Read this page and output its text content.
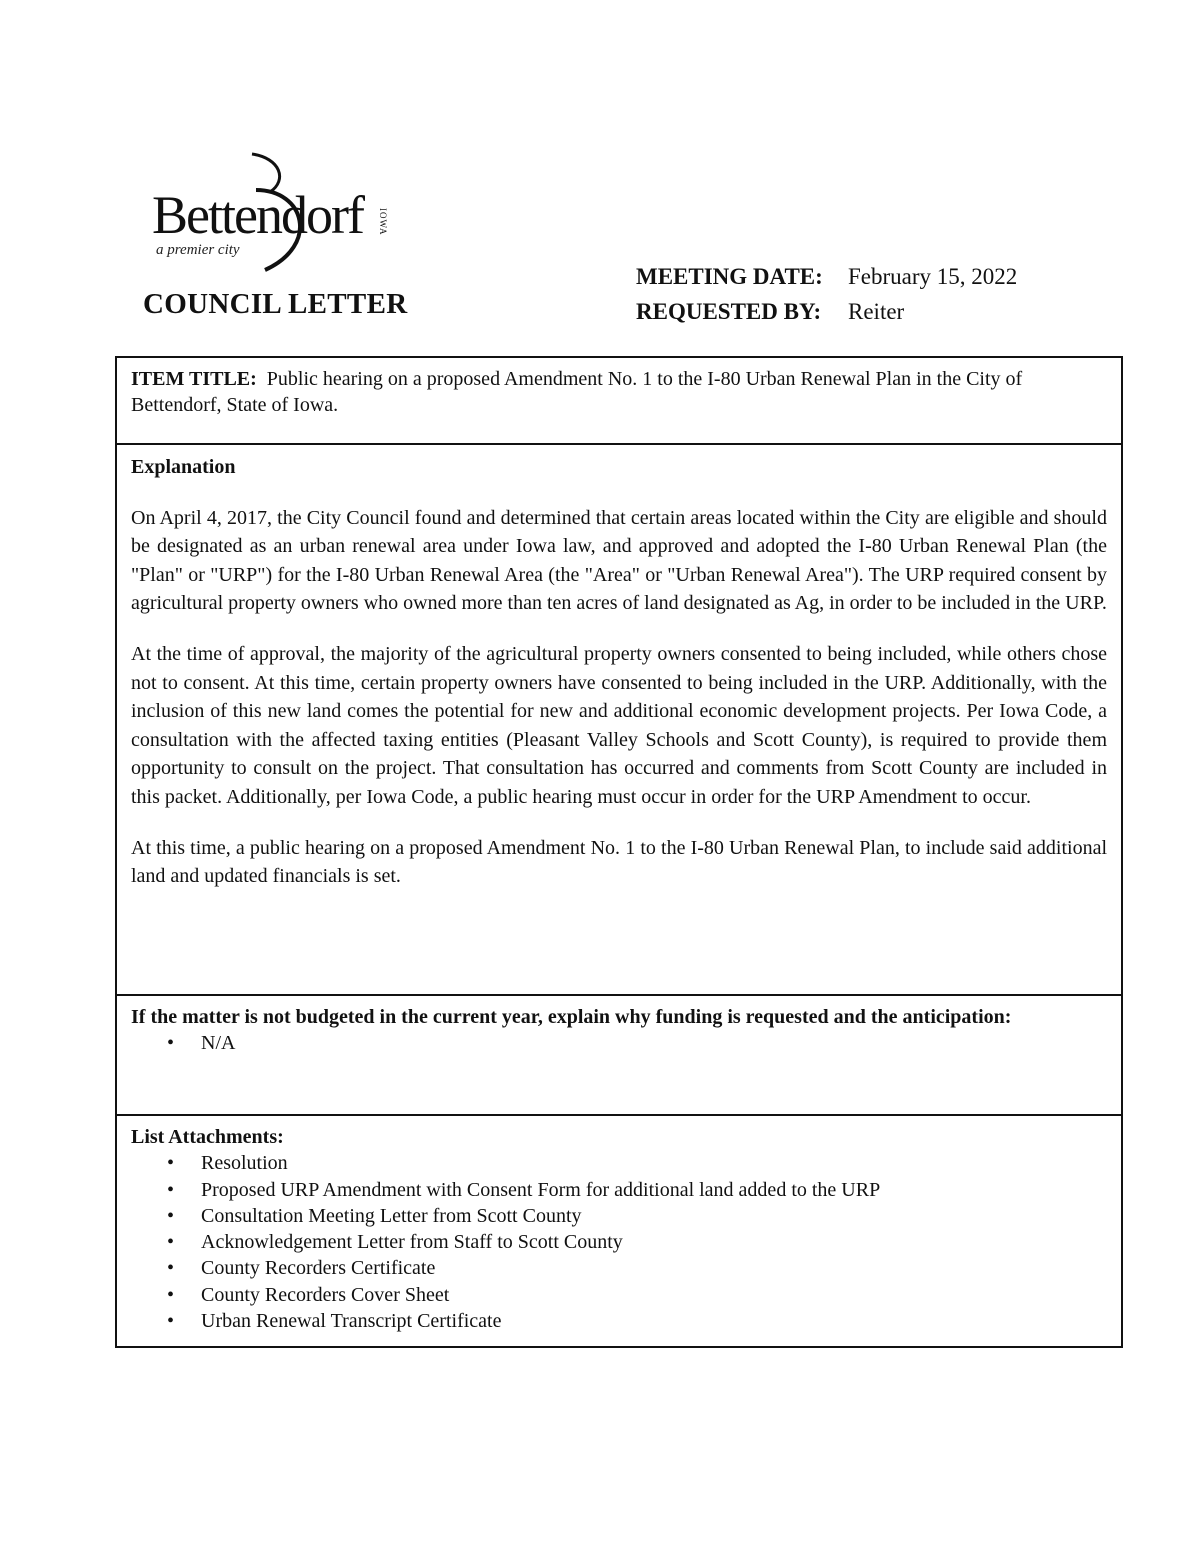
Bettendorf IOWA
a premier city
COUNCIL LETTER
MEETING DATE: February 15, 2022
REQUESTED BY: Reiter
ITEM TITLE: Public hearing on a proposed Amendment No. 1 to the I-80 Urban Renewal Plan in the City of Bettendorf, State of Iowa.
Explanation

On April 4, 2017, the City Council found and determined that certain areas located within the City are eligible and should be designated as an urban renewal area under Iowa law, and approved and adopted the I-80 Urban Renewal Plan (the "Plan" or "URP") for the I-80 Urban Renewal Area (the "Area" or "Urban Renewal Area"). The URP required consent by agricultural property owners who owned more than ten acres of land designated as Ag, in order to be included in the URP.

At the time of approval, the majority of the agricultural property owners consented to being included, while others chose not to consent. At this time, certain property owners have consented to being included in the URP. Additionally, with the inclusion of this new land comes the potential for new and additional economic development projects. Per Iowa Code, a consultation with the affected taxing entities (Pleasant Valley Schools and Scott County), is required to provide them opportunity to consult on the project. That consultation has occurred and comments from Scott County are included in this packet. Additionally, per Iowa Code, a public hearing must occur in order for the URP Amendment to occur.

At this time, a public hearing on a proposed Amendment No. 1 to the I-80 Urban Renewal Plan, to include said additional land and updated financials is set.

If the matter is not budgeted in the current year, explain why funding is requested and the anticipation:
• N/A
List Attachments:
• Resolution
• Proposed URP Amendment with Consent Form for additional land added to the URP
• Consultation Meeting Letter from Scott County
• Acknowledgement Letter from Staff to Scott County
• County Recorders Certificate
• County Recorders Cover Sheet
• Urban Renewal Transcript Certificate
